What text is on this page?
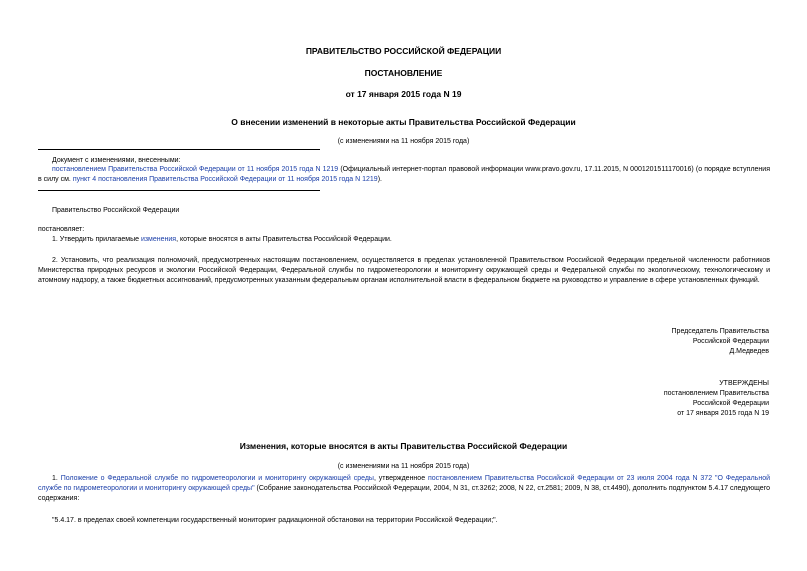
ПРАВИТЕЛЬСТВО РОССИЙСКОЙ ФЕДЕРАЦИИ
ПОСТАНОВЛЕНИЕ
от 17 января 2015 года N 19
О внесении изменений в некоторые акты Правительства Российской Федерации
(с изменениями на 11 ноября 2015 года)
Документ с изменениями, внесенными:
постановлением Правительства Российской Федерации от 11 ноября 2015 года N 1219 (Официальный интернет-портал правовой информации www.pravo.gov.ru, 17.11.2015, N 0001201511170016) (о порядке вступления в силу см. пункт 4 постановления Правительства Российской Федерации от 11 ноября 2015 года N 1219).
Правительство Российской Федерации
постановляет:
1. Утвердить прилагаемые изменения, которые вносятся в акты Правительства Российской Федерации.
2. Установить, что реализация полномочий, предусмотренных настоящим постановлением, осуществляется в пределах установленной Правительством Российской Федерации предельной численности работников Министерства природных ресурсов и экологии Российской Федерации, Федеральной службы по гидрометеорологии и мониторингу окружающей среды и Федеральной службы по экологическому, технологическому и атомному надзору, а также бюджетных ассигнований, предусмотренных указанным федеральным органам исполнительной власти в федеральном бюджете на руководство и управление в сфере установленных функций.
Председатель Правительства
Российской Федерации
Д.Медведев
УТВЕРЖДЕНЫ
постановлением Правительства
Российской Федерации
от 17 января 2015 года N 19
Изменения, которые вносятся в акты Правительства Российской Федерации
(с изменениями на 11 ноября 2015 года)
1. Положение о Федеральной службе по гидрометеорологии и мониторингу окружающей среды, утвержденное постановлением Правительства Российской Федерации от 23 июля 2004 года N 372 "О Федеральной службе по гидрометеорологии и мониторингу окружающей среды" (Собрание законодательства Российской Федерации, 2004, N 31, ст.3262; 2008, N 22, ст.2581; 2009, N 38, ст.4490), дополнить подпунктом 5.4.17 следующего содержания:
"5.4.17. в пределах своей компетенции государственный мониторинг радиационной обстановки на территории Российской Федерации;".
